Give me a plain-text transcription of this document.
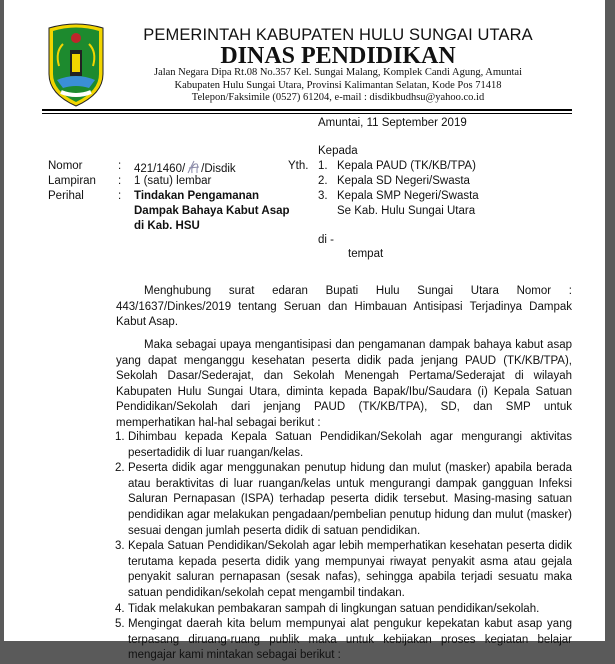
PEMERINTAH KABUPATEN HULU SUNGAI UTARA
DINAS PENDIDIKAN
Jalan Negara Dipa Rt.08 No.357 Kel. Sungai Malang, Komplek Candi Agung, Amuntai
Kabupaten Hulu Sungai Utara, Provinsi Kalimantan Selatan, Kode Pos 71418
Telepon/Faksimile (0527) 61204, e-mail : disdikbudhsu@yahoo.co.id
Amuntai, 11 September 2019
Kepada
Nomor
Lampiran
Perihal
:
:
:
421/1460/ /Disdik
1 (satu) lembar
Tindakan Pengamanan
Dampak Bahaya Kabut Asap
di Kab. HSU
Yth. 1. Kepala PAUD (TK/KB/TPA)
2. Kepala SD Negeri/Swasta
3. Kepala SMP Negeri/Swasta
Se Kab. Hulu Sungai Utara
di -
tempat
Menghubung surat edaran Bupati Hulu Sungai Utara Nomor : 443/1637/Dinkes/2019 tentang Seruan dan Himbauan Antisipasi Terjadinya Dampak Kabut Asap.
Maka sebagai upaya mengantisipasi dan pengamanan dampak bahaya kabut asap yang dapat menganggu kesehatan peserta didik pada jenjang PAUD (TK/KB/TPA), Sekolah Dasar/Sederajat, dan Sekolah Menengah Pertama/Sederajat di wilayah Kabupaten Hulu Sungai Utara, diminta kepada Bapak/Ibu/Saudara (i) Kepala Satuan Pendidikan/Sekolah dari jenjang PAUD (TK/KB/TPA), SD, dan SMP untuk memperhatikan hal-hal sebagai berikut :
1. Dihimbau kepada Kepala Satuan Pendidikan/Sekolah agar mengurangi aktivitas pesertadidik di luar ruangan/kelas.
2. Peserta didik agar menggunakan penutup hidung dan mulut (masker) apabila berada atau beraktivitas di luar ruangan/kelas untuk mengurangi dampak gangguan Infeksi Saluran Pernapasan (ISPA) terhadap peserta didik tersebut. Masing-masing satuan pendidikan agar melakukan pengadaan/pembelian penutup hidung dan mulut (masker) sesuai dengan jumlah peserta didik di satuan pendidikan.
3. Kepala Satuan Pendidikan/Sekolah agar lebih memperhatikan kesehatan peserta didik terutama kepada peserta didik yang mempunyai riwayat penyakit asma atau gejala penyakit saluran pernapasan (sesak nafas), sehingga apabila terjadi sesuatu maka satuan pendidikan/sekolah cepat mengambil tindakan.
4. Tidak melakukan pembakaran sampah di lingkungan satuan pendidikan/sekolah.
5. Mengingat daerah kita belum mempunyai alat pengukur kepekatan kabut asap yang terpasang diruang-ruang publik maka untuk kebijakan proses kegiatan belajar mengajar kami mintakan sebagai berikut :
